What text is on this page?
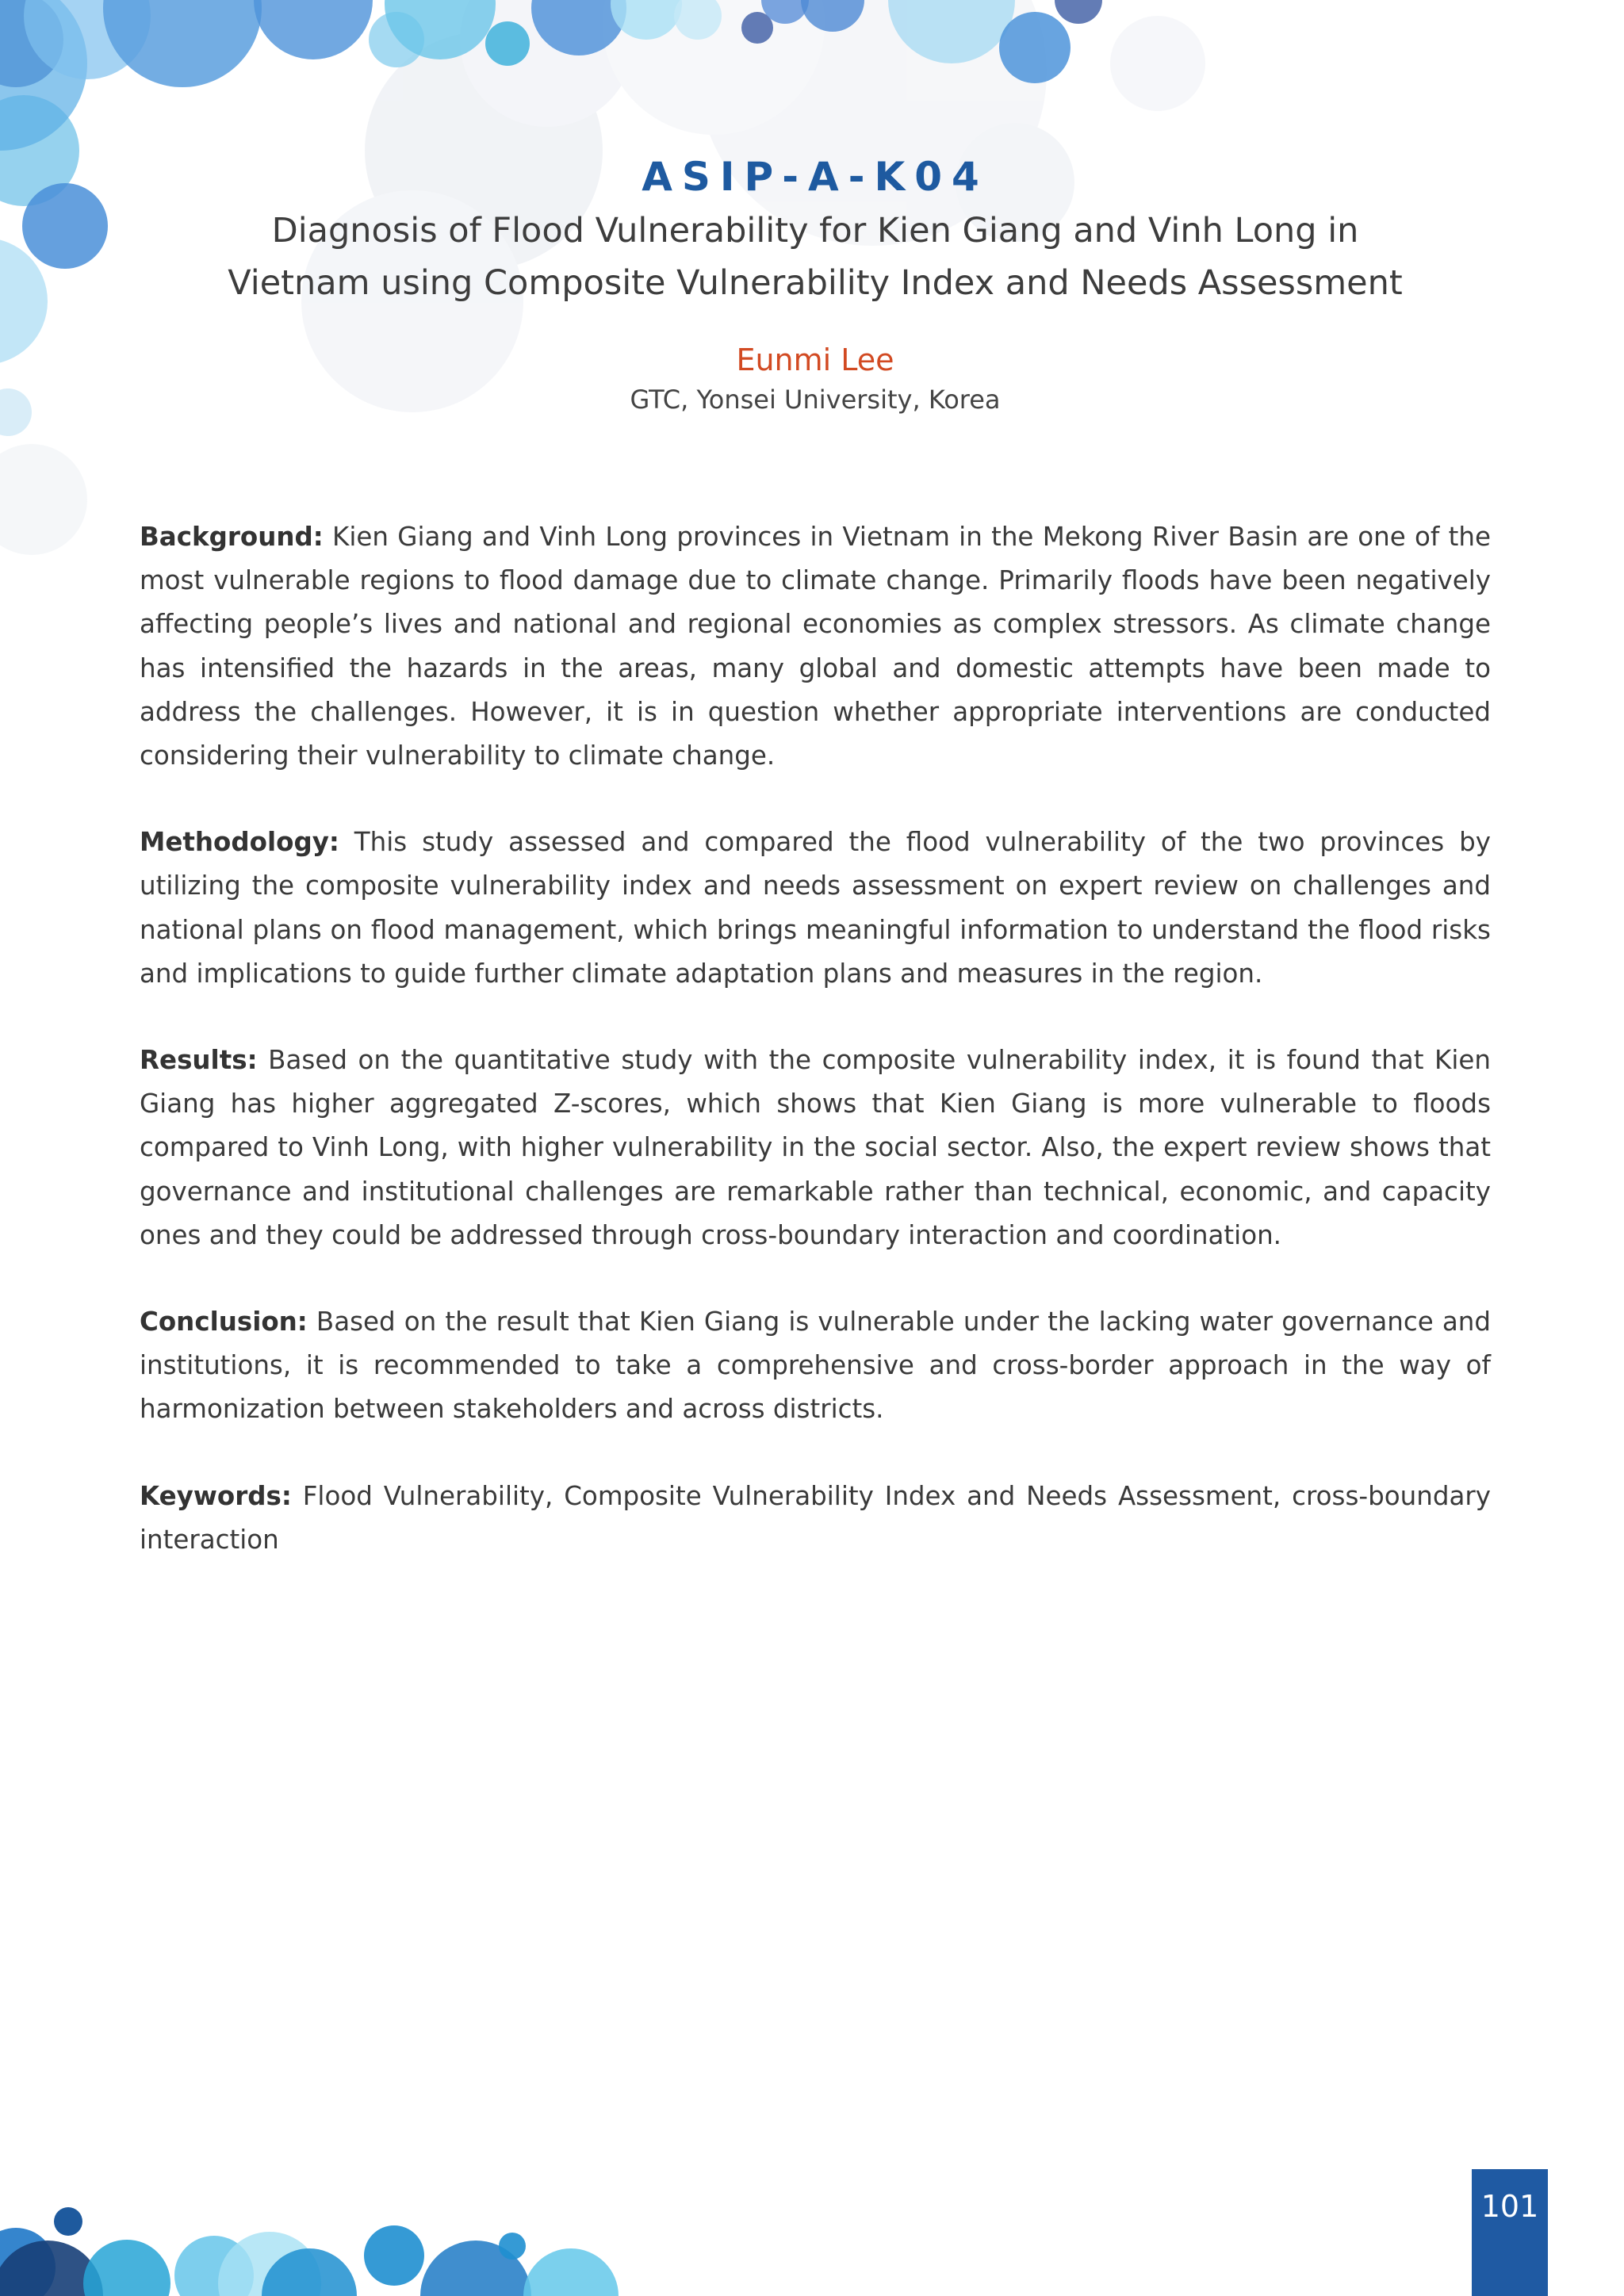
ASIP-A-K04

Diagnosis of Flood Vulnerability for Kien Giang and Vinh Long in

Vietnam using Composite Vulnerability Index and Needs Assessment

Eunmi Lee
GTC, Yonsei University, Korea

Background: Kien Giang and Vinh Long provinces in Vietnam in the Mekong River Basin are one of the most vulnerable regions to flood damage due to climate change. Primarily floods have been negatively affecting people’s lives and national and regional economies as complex stressors. As climate change has intensified the hazards in the areas, many global and domestic attempts have been made to address the challenges. However, it is in question whether appropriate interventions are conducted considering their vulnerability to climate change.

Methodology: This study assessed and compared the flood vulnerability of the two provinces by utilizing the composite vulnerability index and needs assessment on expert review on challenges and national plans on flood management, which brings meaningful information to understand the flood risks and implications to guide further climate adaptation plans and measures in the region.

Results: Based on the quantitative study with the composite vulnerability index, it is found that Kien Giang has higher aggregated Z-scores, which shows that Kien Giang is more vulnerable to floods compared to Vinh Long, with higher vulnerability in the social sector. Also, the expert review shows that governance and institutional challenges are remarkable rather than technical, economic, and capacity ones and they could be addressed through cross-boundary interaction and coordination.

Conclusion: Based on the result that Kien Giang is vulnerable under the lacking water governance and institutions, it is recommended to take a comprehensive and cross-border approach in the way of harmonization between stakeholders and across districts.

Keywords: Flood Vulnerability, Composite Vulnerability Index and Needs Assessment, cross-boundary interaction

101
